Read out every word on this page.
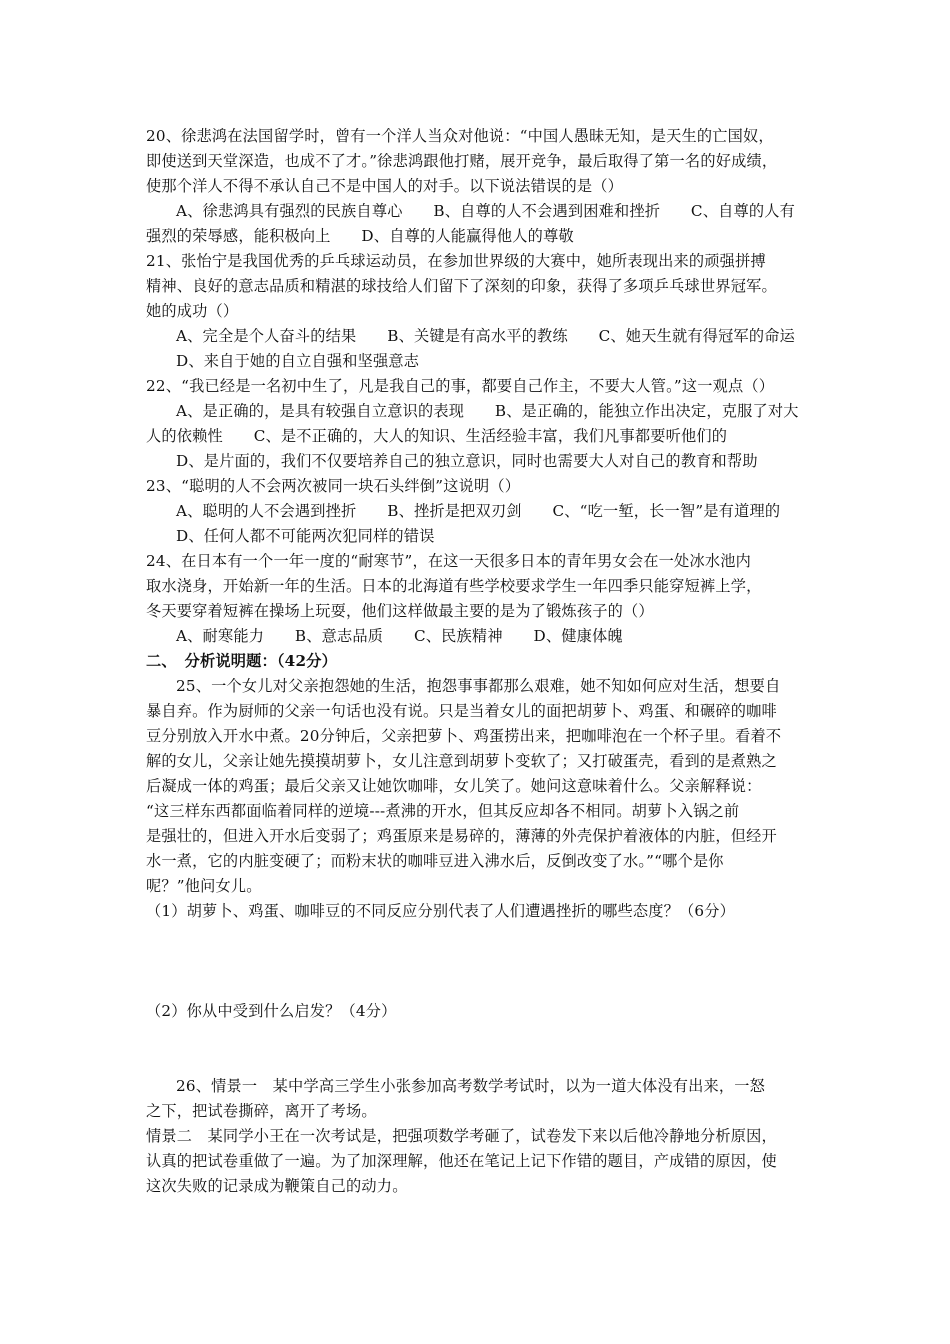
20、徐悲鸿在法国留学时，曾有一个洋人当众对他说：“中国人愚昧无知，是天生的亡国奴，
即使送到天堂深造，也成不了才。”徐悲鸿跟他打赌，展开竞争，最后取得了第一名的好成绩，
使那个洋人不得不承认自己不是中国人的对手。以下说法错误的是（）
A、徐悲鸿具有强烈的民族自尊心　　B、自尊的人不会遇到困难和挫折　　C、自尊的人有
强烈的荣辱感，能积极向上　　D、自尊的人能赢得他人的尊敬
21、张怡宁是我国优秀的乒乓球运动员，在参加世界级的大赛中，她所表现出来的顽强拼搏
精神、良好的意志品质和精湛的球技给人们留下了深刻的印象，获得了多项乒乓球世界冠军。
她的成功（）
A、完全是个人奋斗的结果　　B、关键是有高水平的教练　　C、她天生就有得冠军的命运
D、来自于她的自立自强和坚强意志
22、“我已经是一名初中生了，凡是我自己的事，都要自己作主，不要大人管。”这一观点（）
A、是正确的，是具有较强自立意识的表现　　B、是正确的，能独立作出决定，克服了对大
人的依赖性　　C、是不正确的，大人的知识、生活经验丰富，我们凡事都要听他们的
D、是片面的，我们不仅要培养自己的独立意识，同时也需要大人对自己的教育和帮助
23、“聪明的人不会两次被同一块石头绊倒”这说明（）
A、聪明的人不会遇到挫折　　B、挫折是把双刃剑　　C、“吃一堑，长一智”是有道理的
D、任何人都不可能两次犯同样的错误
24、在日本有一个一年一度的“耐寒节”，在这一天很多日本的青年男女会在一处冰水池内
取水浇身，开始新一年的生活。日本的北海道有些学校要求学生一年四季只能穿短裤上学，
冬天要穿着短裤在操场上玩耍，他们这样做最主要的是为了锻炼孩子的（）
A、耐寒能力　　B、意志品质　　C、民族精神　　D、健康体魄
二、　分析说明题：（42分）
25、一个女儿对父亲抱怨她的生活，抱怨事事都那么艰难，她不知如何应对生活，想要自
暴自弃。作为厨师的父亲一句话也没有说。只是当着女儿的面把胡萝卜、鸡蛋、和碾碎的咖啡
豆分别放入开水中煮。20分钟后，父亲把萝卜、鸡蛋捞出来，把咖啡泡在一个杯子里。看着不
解的女儿，父亲让她先摸摸胡萝卜，女儿注意到胡萝卜变软了；又打破蛋壳，看到的是煮熟之
后凝成一体的鸡蛋；最后父亲又让她饮咖啡，女儿笑了。她问这意味着什么。父亲解释说：
“这三样东西都面临着同样的逆境---煮沸的开水，但其反应却各不相同。胡萝卜入锅之前
是强壮的，但进入开水后变弱了；鸡蛋原来是易碎的，薄薄的外壳保护着液体的内脏，但经开
水一煮，它的内脏变硬了；而粉末状的咖啡豆进入沸水后，反倒改变了水。”“哪个是你
呢？”他问女儿。
（1）胡萝卜、鸡蛋、咖啡豆的不同反应分别代表了人们遭遇挫折的哪些态度？（6分）
（2）你从中受到什么启发？（4分）
26、情景一　某中学高三学生小张参加高考数学考试时，以为一道大体没有出来，一怒
之下，把试卷撕碎，离开了考场。
情景二　某同学小王在一次考试是，把强项数学考砸了，试卷发下来以后他冷静地分析原因，
认真的把试卷重做了一遍。为了加深理解，他还在笔记上记下作错的题目，产成错的原因，使
这次失败的记录成为鞭策自己的动力。
